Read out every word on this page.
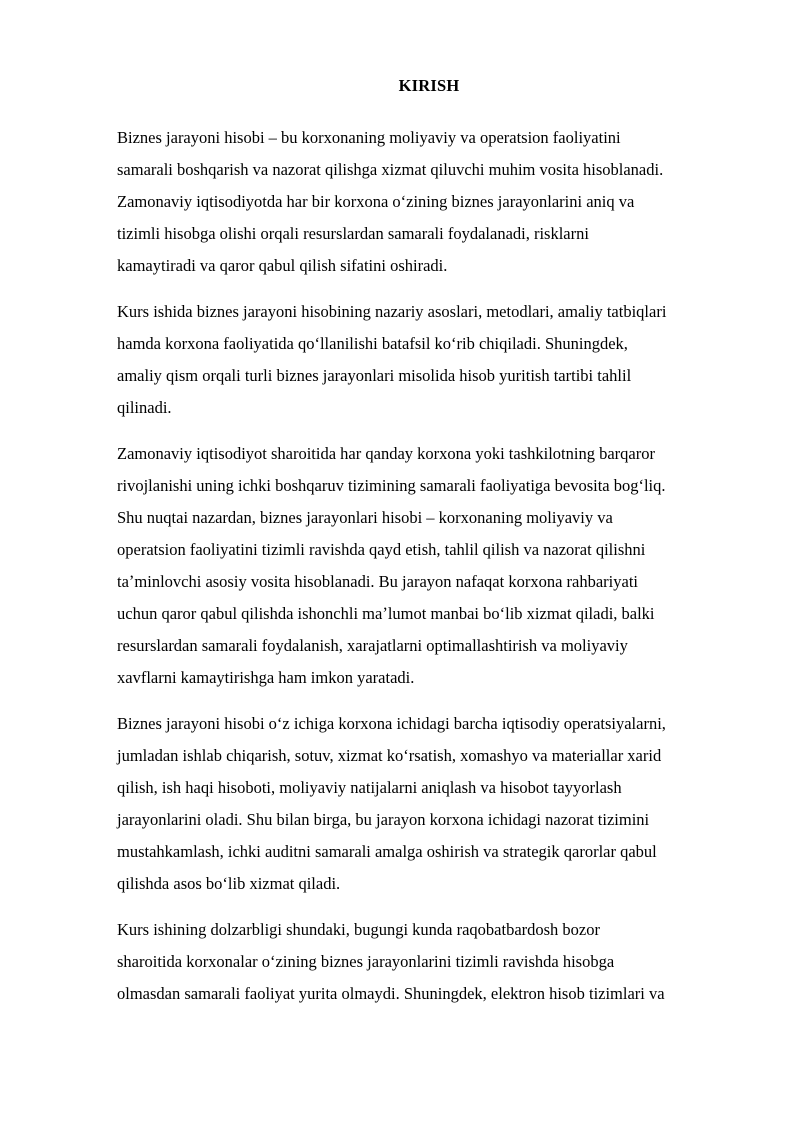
KIRISH

Biznes jarayoni hisobi – bu korxonaning moliyaviy va operatsion faoliyatini
samarali boshqarish va nazorat qilishga xizmat qiluvchi muhim vosita hisoblanadi.
Zamonaviy iqtisodiyotda har bir korxona oʻzining biznes jarayonlarini aniq va
tizimli hisobga olishi orqali resurslardan samarali foydalanadi, risklarni
kamaytiradi va qaror qabul qilish sifatini oshiradi.

Kurs ishida biznes jarayoni hisobining nazariy asoslari, metodlari, amaliy tatbiqlari
hamda korxona faoliyatida qoʻllanilishi batafsil koʻrib chiqiladi. Shuningdek,
amaliy qism orqali turli biznes jarayonlari misolida hisob yuritish tartibi tahlil
qilinadi.

Zamonaviy iqtisodiyot sharoitida har qanday korxona yoki tashkilotning barqaror
rivojlanishi uning ichki boshqaruv tizimining samarali faoliyatiga bevosita bogʻliq.
Shu nuqtai nazardan, biznes jarayonlari hisobi – korxonaning moliyaviy va
operatsion faoliyatini tizimli ravishda qayd etish, tahlil qilish va nazorat qilishni
taʼminlovchi asosiy vosita hisoblanadi. Bu jarayon nafaqat korxona rahbariyati
uchun qaror qabul qilishda ishonchli maʼlumot manbai boʻlib xizmat qiladi, balki
resurslardan samarali foydalanish, xarajatlarni optimallashtirish va moliyaviy
xavflarni kamaytirishga ham imkon yaratadi.

Biznes jarayoni hisobi oʻz ichiga korxona ichidagi barcha iqtisodiy operatsiyalarni,
jumladan ishlab chiqarish, sotuv, xizmat koʻrsatish, xomashyo va materiallar xarid
qilish, ish haqi hisoboti, moliyaviy natijalarni aniqlash va hisobot tayyorlash
jarayonlarini oladi. Shu bilan birga, bu jarayon korxona ichidagi nazorat tizimini
mustahkamlash, ichki auditni samarali amalga oshirish va strategik qarorlar qabul
qilishda asos boʻlib xizmat qiladi.

Kurs ishining dolzarbligi shundaki, bugungi kunda raqobatbardosh bozor
sharoitida korxonalar oʻzining biznes jarayonlarini tizimli ravishda hisobga
olmasdan samarali faoliyat yurita olmaydi. Shuningdek, elektron hisob tizimlari va
